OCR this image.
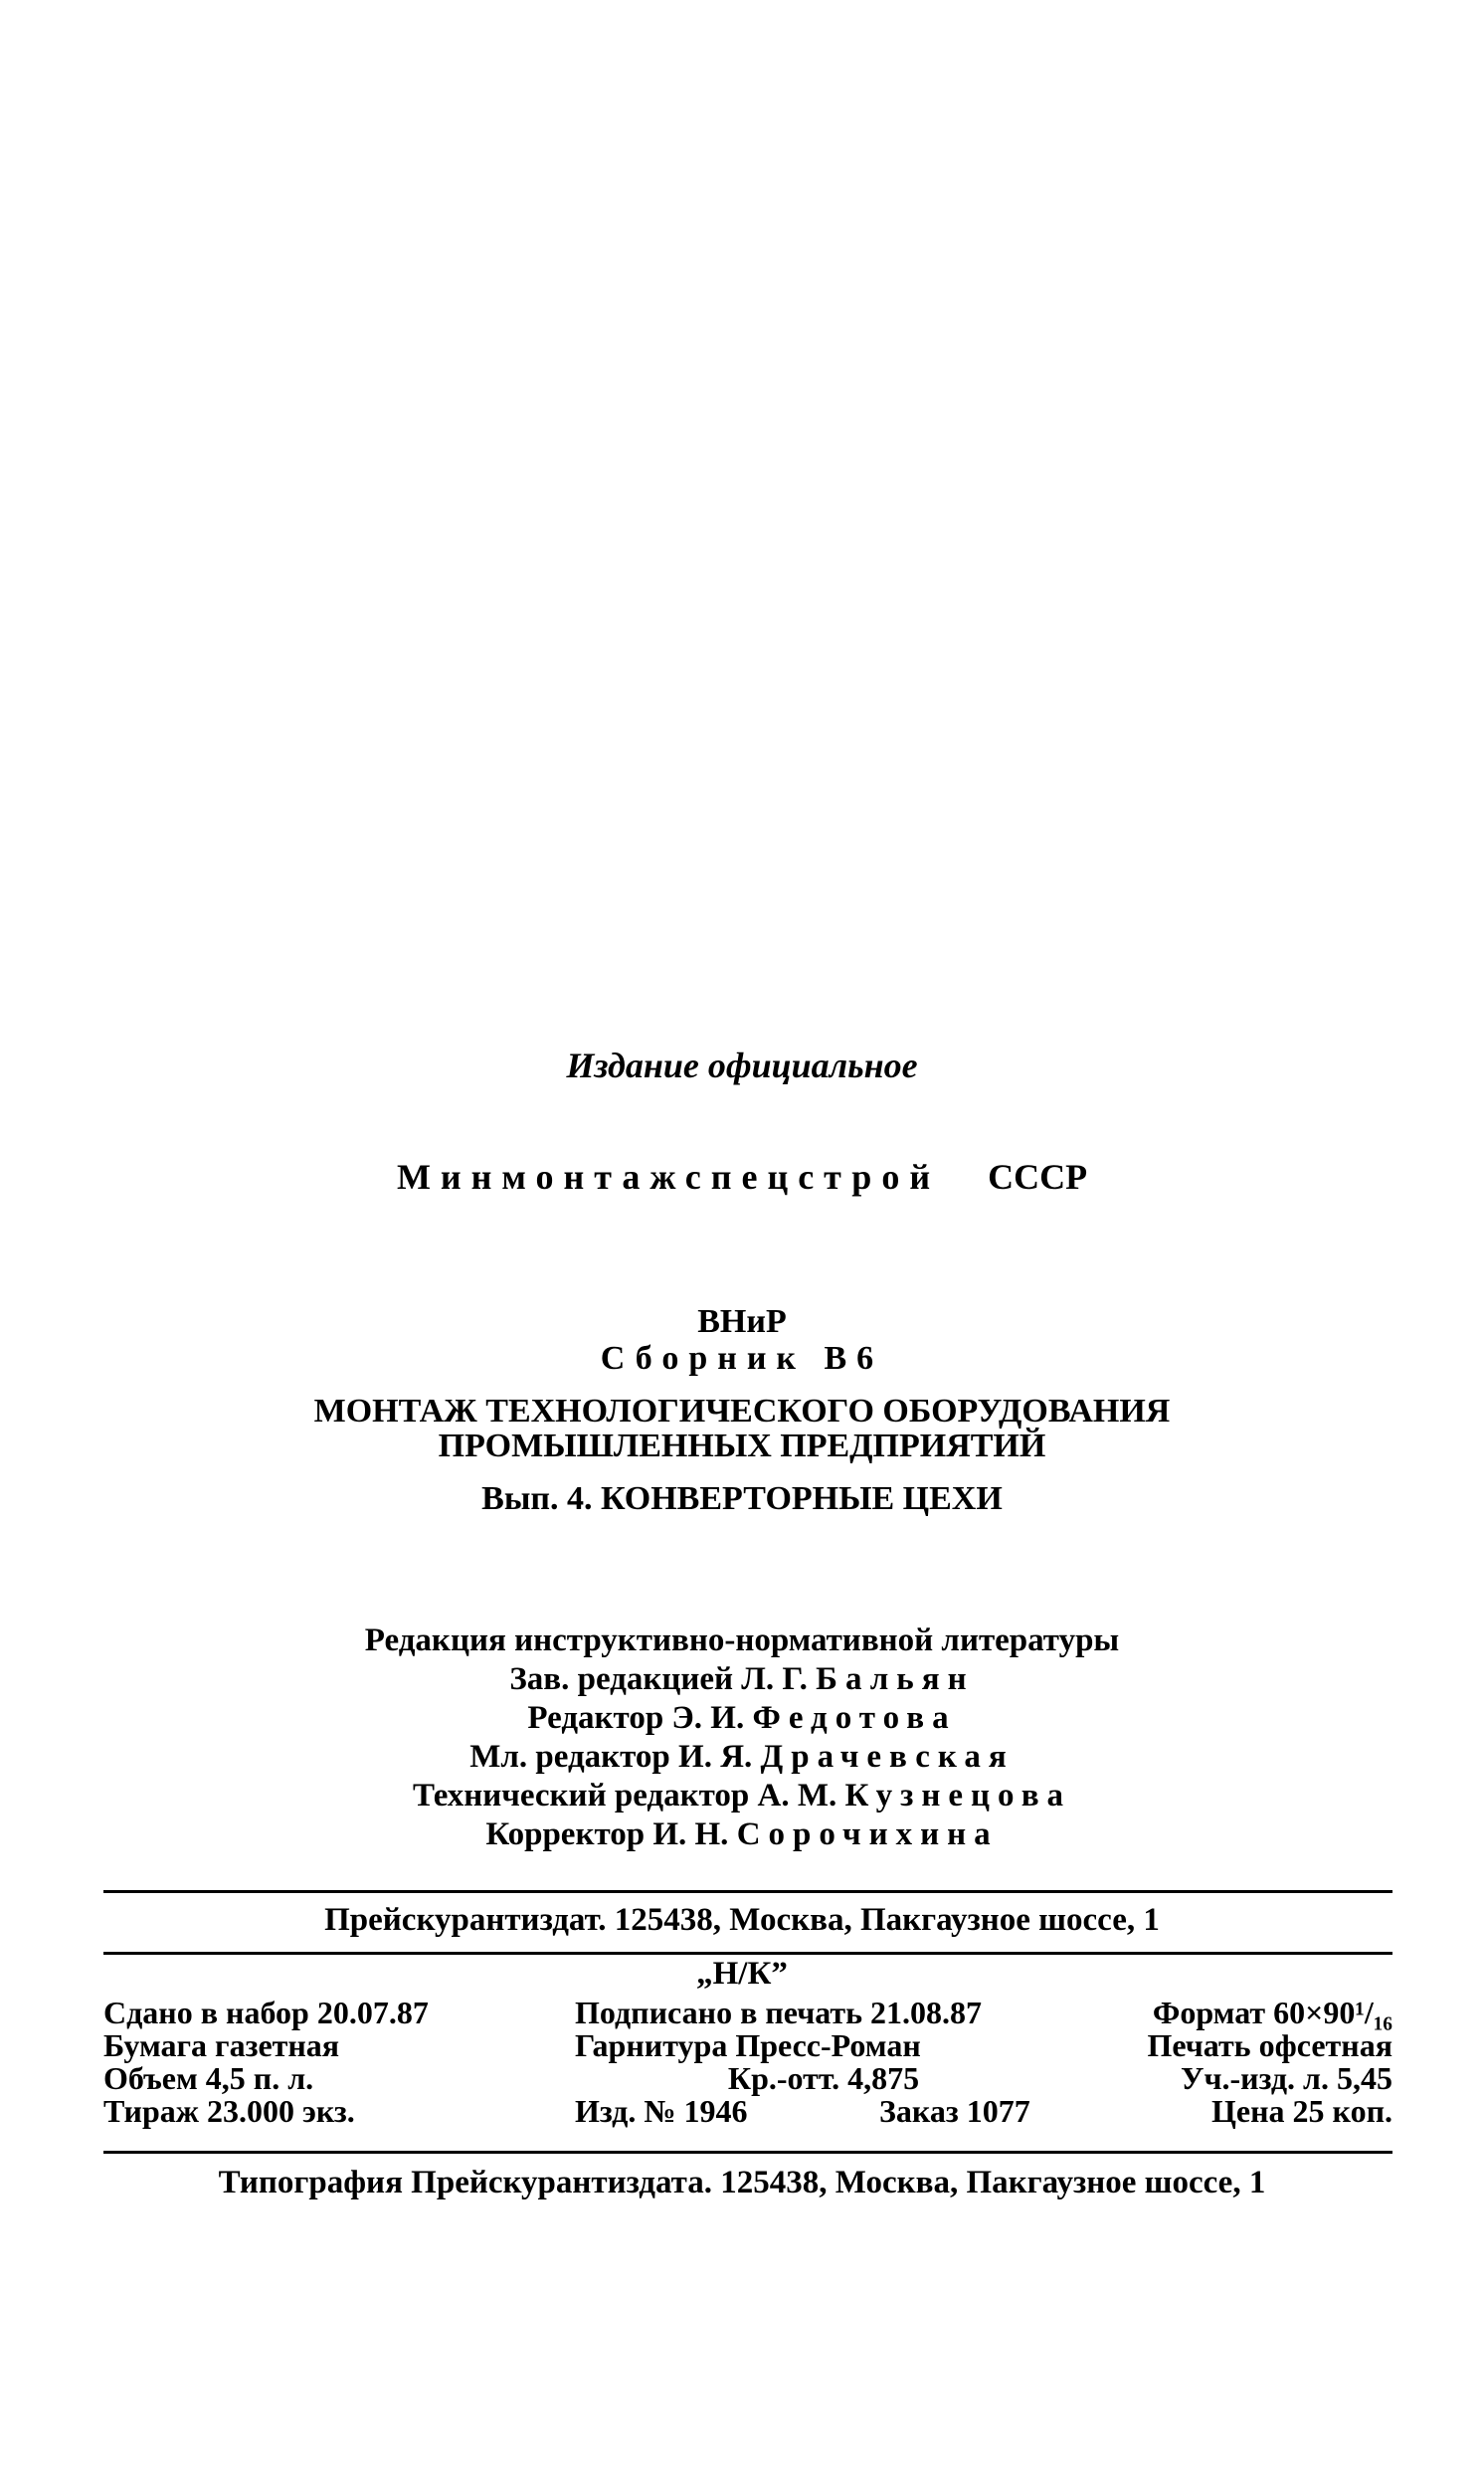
Издание официальное
Минмонтажспецстрой СССР
ВНиР
Сборник В6
МОНТАЖ ТЕХНОЛОГИЧЕСКОГО ОБОРУДОВАНИЯ
ПРОМЫШЛЕННЫХ ПРЕДПРИЯТИЙ
Вып. 4. КОНВЕРТОРНЫЕ ЦЕХИ
Редакция инструктивно-нормативной литературы
Зав. редакцией Л. Г. Бальян
Редактор Э. И. Федотова
Мл. редактор И. Я. Драчевская
Технический редактор А. М. Кузнецова
Корректор И. Н. Сорочихина
Прейскурантиздат. 125438, Москва, Пакгаузное шоссе, 1
„Н/К”
Сдано в набор 20.07.87	Подписано в печать 21.08.87	Формат 60×90¹/₁₆
Бумага газетная	Гарнитура Пресс-Роман	Печать офсетная
Объем 4,5 п. л.	Кр.-отт. 4,875	Уч.-изд. л. 5,45
Тираж 23.000 экз.	Изд. № 1946	Заказ 1077	Цена 25 коп.
Типография Прейскурантиздата. 125438, Москва, Пакгаузное шоссе, 1
